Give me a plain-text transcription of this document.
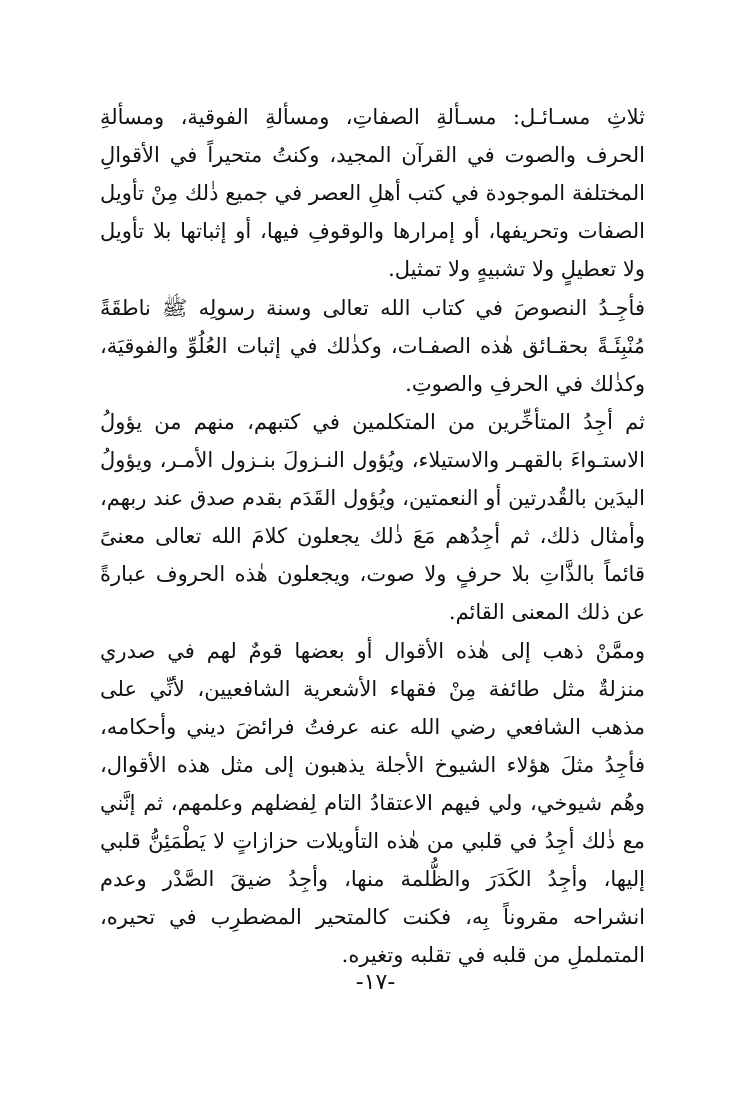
ثلاثِ مسـائـل: مسـألةِ الصفاتِ، ومسألةِ الفوقية، ومسألةِ الحرف والصوت في القرآن المجيد، وكنتُ متحيراً في الأقوالِ المختلفة الموجودة في كتب أهلِ العصر في جميع ذٰلك مِنْ تأويل الصفات وتحريفها، أو إمرارها والوقوفِ فيها، أو إثباتها بلا تأويل ولا تعطيلٍ ولا تشبيهٍ ولا تمثيل.

فأجِـدُ النصوصَ في كتاب الله تعالى وسنة رسولِه ﷺ ناطقَةً مُنْبِئَـةً بحقـائق هٰذه الصفـات، وكذٰلك في إثبات العُلُوِّ والفوقيَة، وكذٰلك في الحرفِ والصوتِ.

ثم أجِدُ المتأخِّرين من المتكلمين في كتبهم، منهم من يؤولُ الاستـواءَ بالقهـر والاستيلاء، ويُؤول النـزولَ بنـزول الأمـر، ويؤولُ اليدَين بالقُدرتين أو النعمتين، ويُؤول القَدَم بقدم صدق عند ربهم، وأمثال ذلك، ثم أجِدُهم مَعَ ذٰلك يجعلون كلامَ الله تعالى معنىً قائماً بالذَّاتِ بلا حرفٍ ولا صوت، ويجعلون هٰذه الحروف عبارةً عن ذلك المعنى القائم.

وممَّنْ ذهب إلى هٰذه الأقوال أو بعضها قومٌ لهم في صدري منزلةٌ مثل طائفة مِنْ فقهاء الأشعرية الشافعيين، لأنِّي على مذهب الشافعي رضي الله عنه عرفتُ فرائضَ ديني وأحكامه، فأجِدُ مثلَ هؤلاء الشيوخ الأجلة يذهبون إلى مثل هذه الأقوال، وهُم شيوخي، ولي فيهم الاعتقادُ التام لِفضلهم وعلمهم، ثم إنَّني مع ذٰلك أجِدُ في قلبي من هٰذه التأويلات حزازاتٍ لا يَطْمَئِنُّ قلبي إليها، وأجِدُ الكَدَرَ والظُّلمة منها، وأجِدُ ضيقَ الصَّدْر وعدم انشراحه مقروناً بِه، فكنت كالمتحير المضطرِب في تحيره، المتململِ من قلبه في تقلبه وتغيره.

-١٧-
